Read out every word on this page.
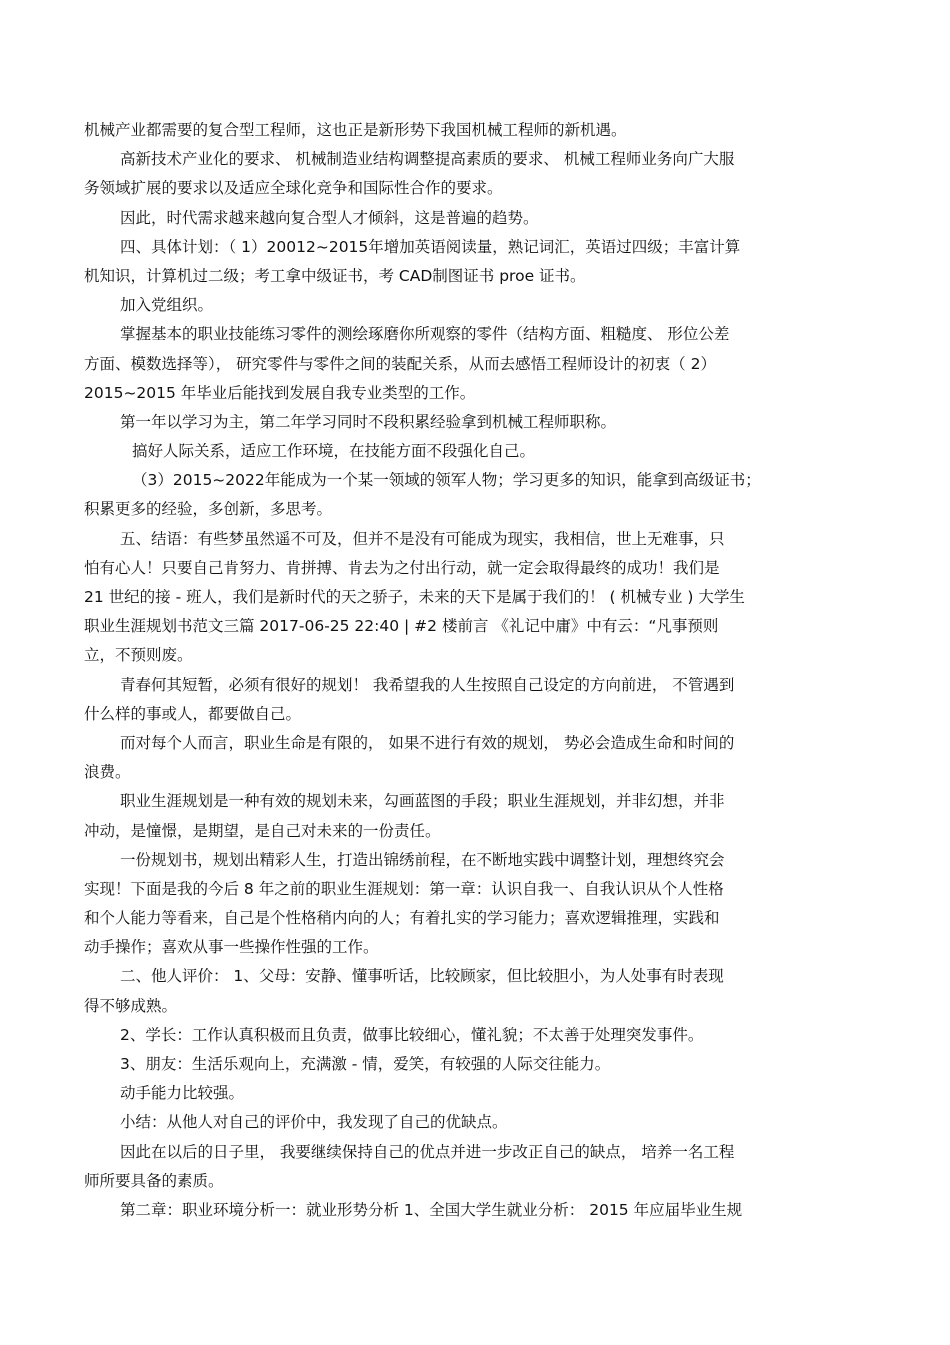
机械产业都需要的复合型工程师，这也正是新形势下我国机械工程师的新机遇。
高新技术产业化的要求、 机械制造业结构调整提高素质的要求、 机械工程师业务向广大服
务领域扩展的要求以及适应全球化竞争和国际性合作的要求。
因此，时代需求越来越向复合型人才倾斜，这是普遍的趋势。
四、具体计划：（ 1）20012~2015年增加英语阅读量，熟记词汇，英语过四级；丰富计算
机知识，计算机过二级；考工拿中级证书，考 CAD制图证书 proe 证书。
加入党组织。
掌握基本的职业技能练习零件的测绘琢磨你所观察的零件（结构方面、粗糙度、 形位公差
方面、模数选择等）， 研究零件与零件之间的装配关系，从而去感悟工程师设计的初衷（ 2）
2015~2015 年毕业后能找到发展自我专业类型的工作。
第一年以学习为主，第二年学习同时不段积累经验拿到机械工程师职称。
搞好人际关系，适应工作环境，在技能方面不段强化自己。
（3）2015~2022年能成为一个某一领域的领军人物；学习更多的知识，能拿到高级证书；
积累更多的经验，多创新，多思考。
五、结语：有些梦虽然遥不可及，但并不是没有可能成为现实，我相信，世上无难事，只
怕有心人！只要自己肯努力、肯拼搏、肯去为之付出行动，就一定会取得最终的成功！我们是
21 世纪的接 - 班人，我们是新时代的天之骄子，未来的天下是属于我们的！ ( 机械专业 ) 大学生
职业生涯规划书范文三篇 2017-06-25 22:40 | #2 楼前言 《礼记中庸》中有云：“凡事预则
立，不预则废。
青春何其短暂，必须有很好的规划！ 我希望我的人生按照自己设定的方向前进， 不管遇到
什么样的事或人，都要做自己。
而对每个人而言，职业生命是有限的， 如果不进行有效的规划， 势必会造成生命和时间的
浪费。
职业生涯规划是一种有效的规划未来，勾画蓝图的手段；职业生涯规划，并非幻想，并非
冲动，是憧憬，是期望，是自己对未来的一份责任。
一份规划书，规划出精彩人生，打造出锦绣前程，在不断地实践中调整计划，理想终究会
实现！下面是我的今后 8 年之前的职业生涯规划：第一章：认识自我一、自我认识从个人性格
和个人能力等看来，自己是个性格稍内向的人；有着扎实的学习能力；喜欢逻辑推理，实践和
动手操作；喜欢从事一些操作性强的工作。
二、他人评价： 1、父母：安静、懂事听话，比较顾家，但比较胆小，为人处事有时表现
得不够成熟。
2、学长：工作认真积极而且负责，做事比较细心，懂礼貌；不太善于处理突发事件。
3、朋友：生活乐观向上，充满激 - 情，爱笑，有较强的人际交往能力。
动手能力比较强。
小结：从他人对自己的评价中，我发现了自己的优缺点。
因此在以后的日子里， 我要继续保持自己的优点并进一步改正自己的缺点， 培养一名工程
师所要具备的素质。
第二章：职业环境分析一：就业形势分析 1、全国大学生就业分析： 2015 年应届毕业生规
